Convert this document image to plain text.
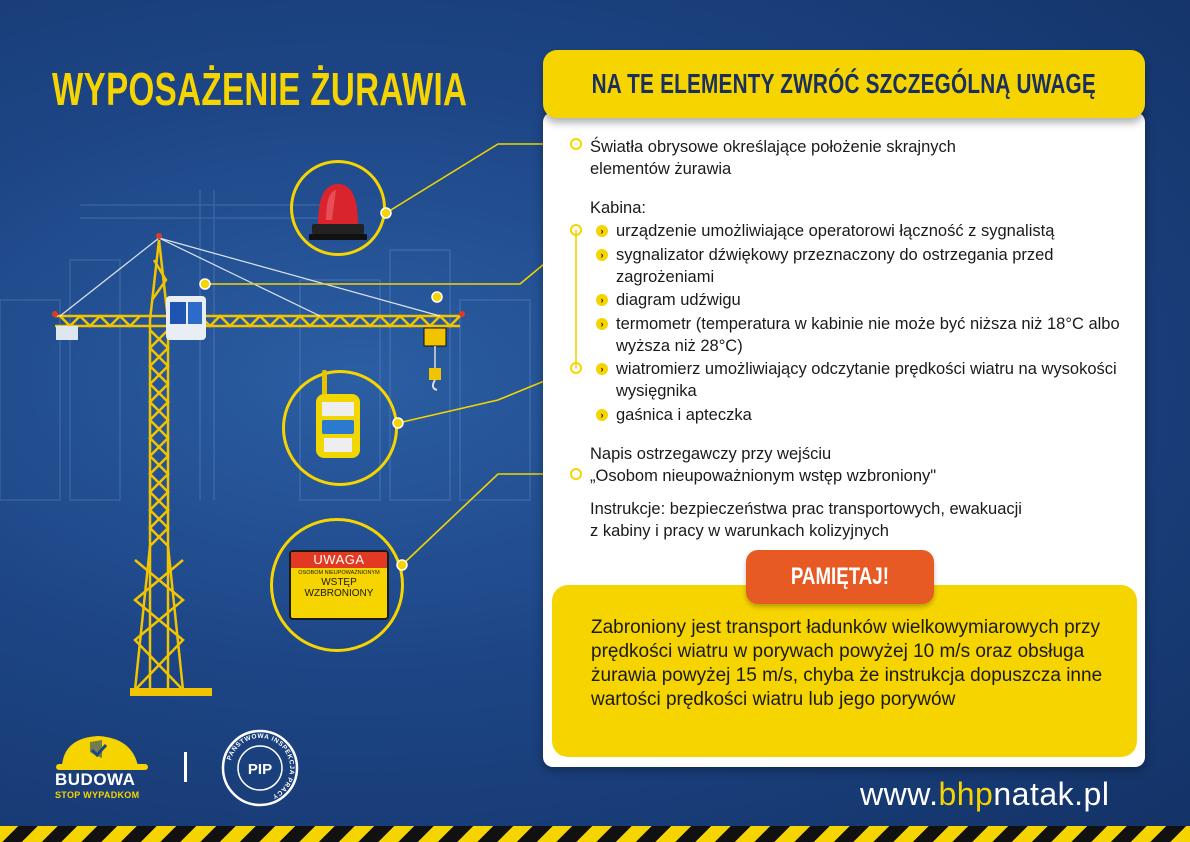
WYPOSAŻENIE ŻURAWIA
UWAGA
OSOBOM NIEUPOWAŻNIONYM
WSTĘP
WZBRONIONY
NA TE ELEMENTY ZWRÓĆ SZCZEGÓLNĄ UWAGĘ
Światła obrysowe określające położenie skrajnych
elementów żurawia
Kabina:
› urządzenie umożliwiające operatorowi łączność z sygnalistą
› sygnalizator dźwiękowy przeznaczony do ostrzegania przed zagrożeniami
› diagram udźwigu
› termometr (temperatura w kabinie nie może być niższa niż 18°C albo wyższa niż 28°C)
› wiatromierz umożliwiający odczytanie prędkości wiatru na wysokości wysięgnika
› gaśnica i apteczka
Napis ostrzegawczy przy wejściu
„Osobom nieupoważnionym wstęp wzbroniony"
Instrukcje: bezpieczeństwa prac transportowych, ewakuacji
z kabiny i pracy w warunkach kolizyjnych
Zabroniony jest transport ładunków wielkowymiarowych przy prędkości wiatru w porywach powyżej 10 m/s oraz obsługa żurawia powyżej 15 m/s, chyba że instrukcja dopuszcza inne wartości prędkości wiatru lub jego porywów
PAMIĘTAJ!
BUDOWA
STOP WYPADKOM
PAŃSTWOWA INSPEKCJA PRACY
PIP
www.bhpnatak.pl
